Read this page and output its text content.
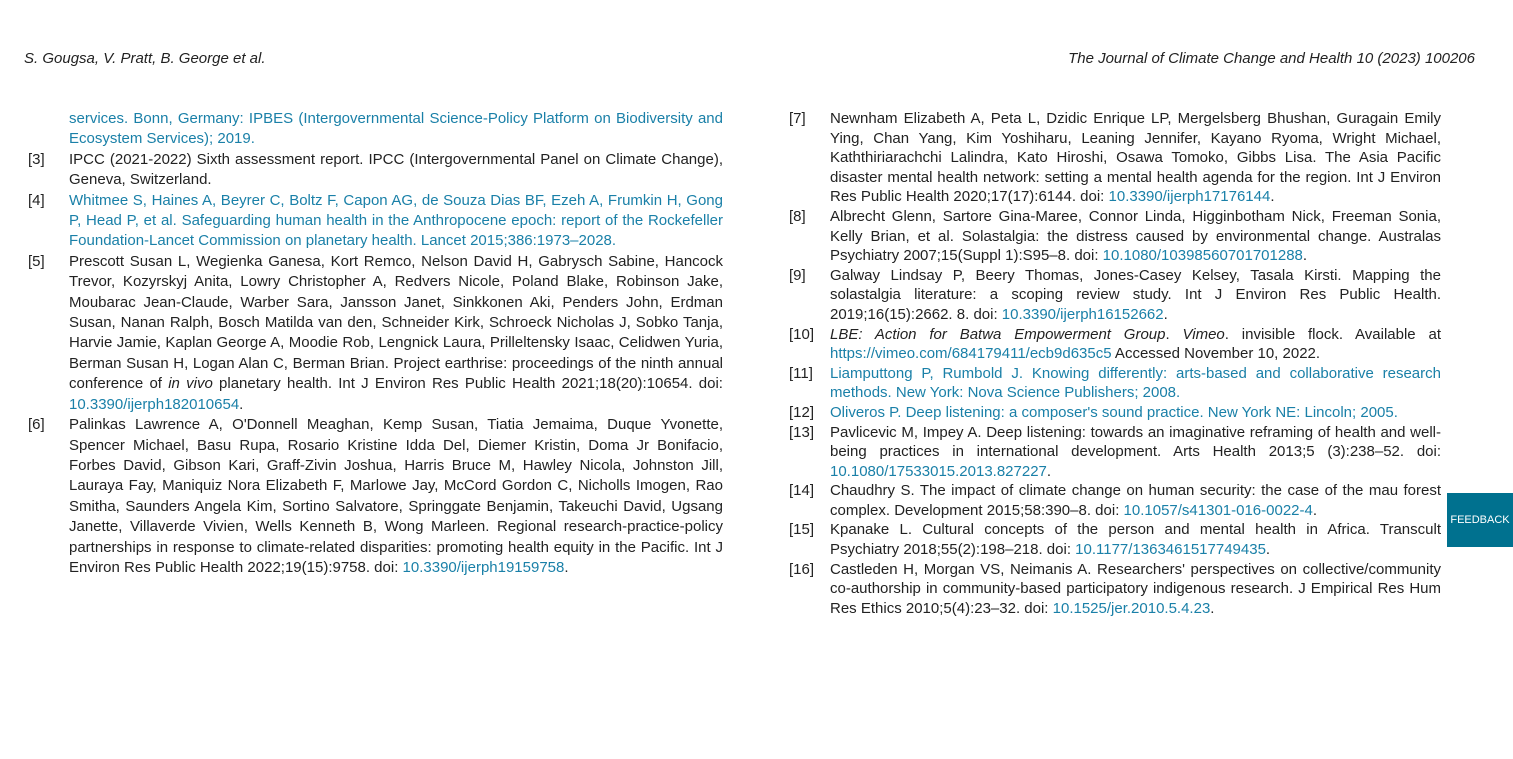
S. Gougsa, V. Pratt, B. George et al.	The Journal of Climate Change and Health 10 (2023) 100206
services. Bonn, Germany: IPBES (Intergovernmental Science-Policy Platform on Biodiversity and Ecosystem Services); 2019.
[3]	IPCC (2021-2022) Sixth assessment report. IPCC (Intergovernmental Panel on Climate Change), Geneva, Switzerland.
[4]	Whitmee S, Haines A, Beyrer C, Boltz F, Capon AG, de Souza Dias BF, Ezeh A, Frumkin H, Gong P, Head P, et al. Safeguarding human health in the Anthropocene epoch: report of the Rockefeller Foundation-Lancet Commission on planetary health. Lancet 2015;386:1973–2028.
[5]	Prescott Susan L, Wegienka Ganesa, Kort Remco, Nelson David H, Gabrysch Sabine, Hancock Trevor, Kozyrskyj Anita, Lowry Christopher A, Redvers Nicole, Poland Blake, Robinson Jake, Moubarac Jean-Claude, Warber Sara, Jansson Janet, Sinkkonen Aki, Penders John, Erdman Susan, Nanan Ralph, Bosch Matilda van den, Schneider Kirk, Schroeck Nicholas J, Sobko Tanja, Harvie Jamie, Kaplan George A, Moodie Rob, Lengnick Laura, Prilleltensky Isaac, Celidwen Yuria, Berman Susan H, Logan Alan C, Berman Brian. Project earthrise: proceedings of the ninth annual conference of in vivo planetary health. Int J Environ Res Public Health 2021;18(20):10654. doi: 10.3390/ijerph182010654.
[6]	Palinkas Lawrence A, O'Donnell Meaghan, Kemp Susan, Tiatia Jemaima, Duque Yvonette, Spencer Michael, Basu Rupa, Rosario Kristine Idda Del, Diemer Kristin, Doma Jr Bonifacio, Forbes David, Gibson Kari, Graff-Zivin Joshua, Harris Bruce M, Hawley Nicola, Johnston Jill, Lauraya Fay, Maniquiz Nora Elizabeth F, Marlowe Jay, McCord Gordon C, Nicholls Imogen, Rao Smitha, Saunders Angela Kim, Sortino Salvatore, Springgate Benjamin, Takeuchi David, Ugsang Janette, Villaverde Vivien, Wells Kenneth B, Wong Marleen. Regional research-practice-policy partnerships in response to climate-related disparities: promoting health equity in the Pacific. Int J Environ Res Public Health 2022;19(15):9758. doi: 10.3390/ijerph19159758.
[7]	Newnham Elizabeth A, Peta L, Dzidic Enrique LP, Mergelsberg Bhushan, Guragain Emily Ying, Chan Yang, Kim Yoshiharu, Leaning Jennifer, Kayano Ryoma, Wright Michael, Kaththiriarachchi Lalindra, Kato Hiroshi, Osawa Tomoko, Gibbs Lisa. The Asia Pacific disaster mental health network: setting a mental health agenda for the region. Int J Environ Res Public Health 2020;17(17):6144. doi: 10.3390/ijerph17176144.
[8]	Albrecht Glenn, Sartore Gina-Maree, Connor Linda, Higginbotham Nick, Freeman Sonia, Kelly Brian, et al. Solastalgia: the distress caused by environmental change. Australas Psychiatry 2007;15(Suppl 1):S95–8. doi: 10.1080/10398560701701288.
[9]	Galway Lindsay P, Beery Thomas, Jones-Casey Kelsey, Tasala Kirsti. Mapping the solastalgia literature: a scoping review study. Int J Environ Res Public Health. 2019;16(15):2662. 8. doi: 10.3390/ijerph16152662.
[10]	LBE: Action for Batwa Empowerment Group. Vimeo. invisible flock. Available at https://vimeo.com/684179411/ecb9d635c5 Accessed November 10, 2022.
[11]	Liamputtong P, Rumbold J. Knowing differently: arts-based and collaborative research methods. New York: Nova Science Publishers; 2008.
[12]	Oliveros P. Deep listening: a composer's sound practice. New York NE: Lincoln; 2005.
[13]	Pavlicevic M, Impey A. Deep listening: towards an imaginative reframing of health and well-being practices in international development. Arts Health 2013;5 (3):238–52. doi: 10.1080/17533015.2013.827227.
[14]	Chaudhry S. The impact of climate change on human security: the case of the mau forest complex. Development 2015;58:390–8. doi: 10.1057/s41301-016-0022-4.
[15]	Kpanake L. Cultural concepts of the person and mental health in Africa. Transcult Psychiatry 2018;55(2):198–218. doi: 10.1177/1363461517749435.
[16]	Castleden H, Morgan VS, Neimanis A. Researchers' perspectives on collective/community co-authorship in community-based participatory indigenous research. J Empirical Res Hum Res Ethics 2010;5(4):23–32. doi: 10.1525/jer.2010.5.4.23.
FEEDBACK
